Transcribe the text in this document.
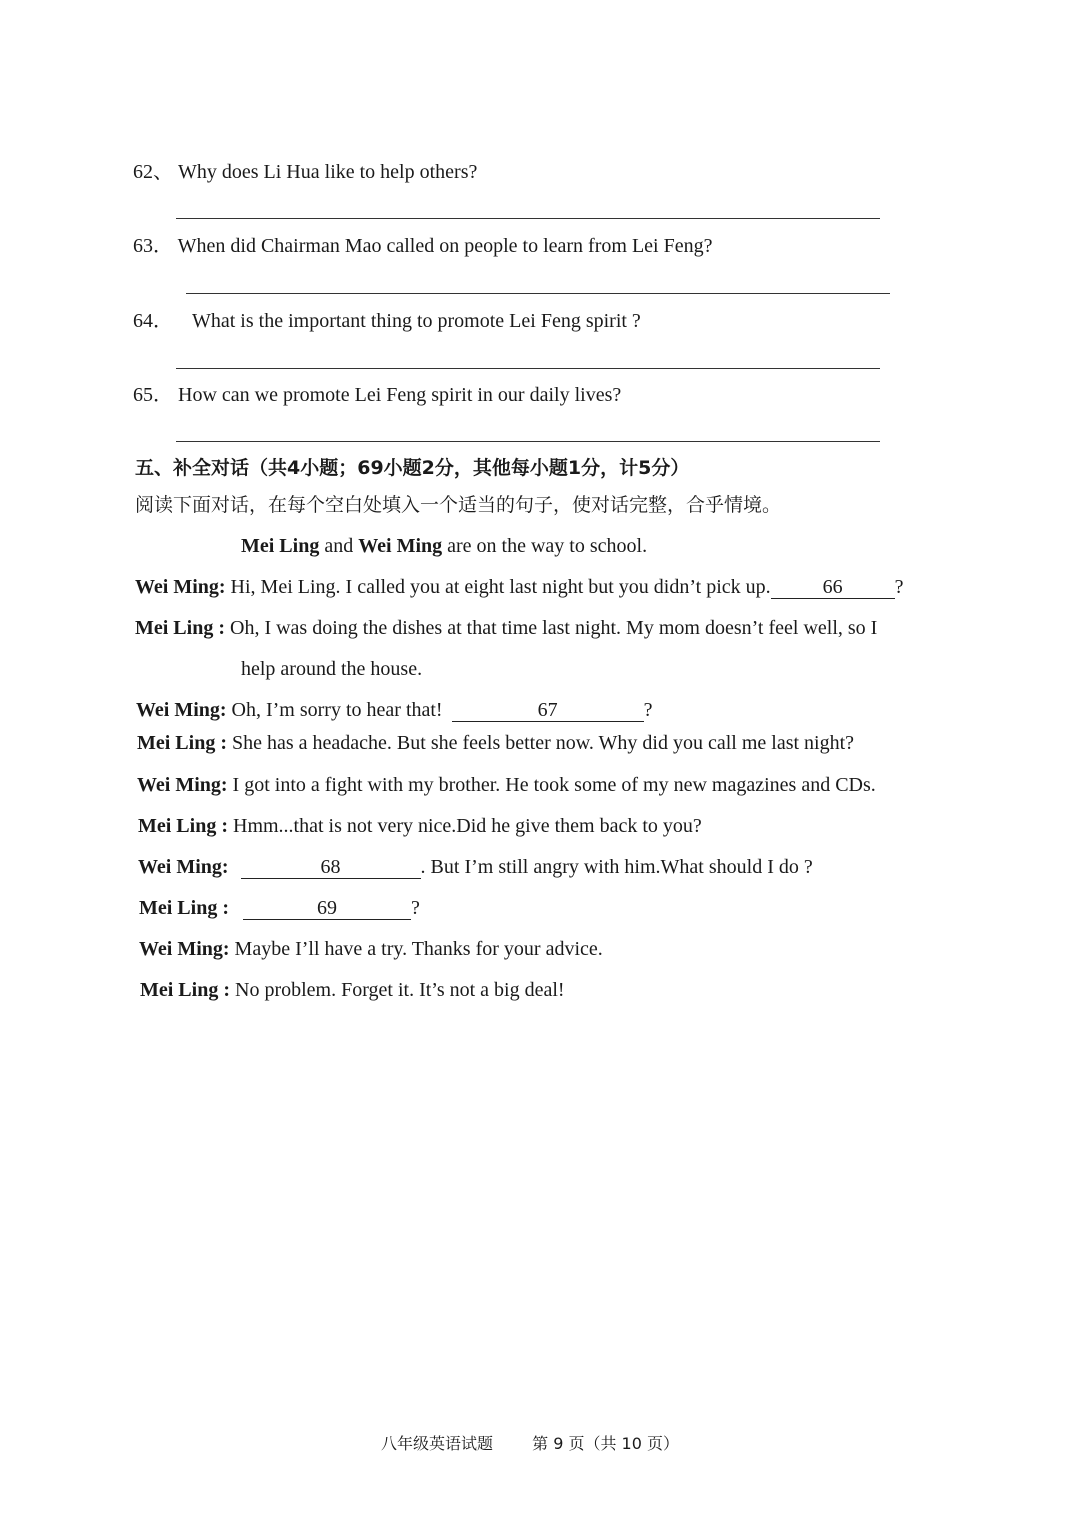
62、 Why does Li Hua like to help others?
63． When did Chairman Mao called on people to learn from Lei Feng?
64． What is the important thing to promote Lei Feng spirit ?
65． How can we promote Lei Feng spirit in our daily lives?
五、补全对话（共4小题；69小题2分，其他每小题1分，计5分）
阅读下面对话，在每个空白处填入一个适当的句子，使对话完整，合乎情境。
Mei Ling and Wei Ming are on the way to school.
Wei Ming: Hi, Mei Ling. I called you at eight last night but you didn’t pick up.	66	?
Mei Ling : Oh, I was doing the dishes at that time last night. My mom doesn’t feel well, so I
help around the house.
Wei Ming: Oh, I’m sorry to hear that!	67	?
Mei Ling : She has a headache. But she feels better now. Why did you call me last night?
Wei Ming: I got into a fight with my brother. He took some of my new magazines and CDs.
Mei Ling : Hmm...that is not very nice.Did he give them back to you?
Wei Ming:	68	. But I’m still angry with him.What should I do ?
Mei Ling :	69	?
Wei Ming: Maybe I’ll have a try. Thanks for your advice.
Mei Ling : No problem. Forget it. It’s not a big deal!
八年级英语试题 第 9 页（共 10 页）
